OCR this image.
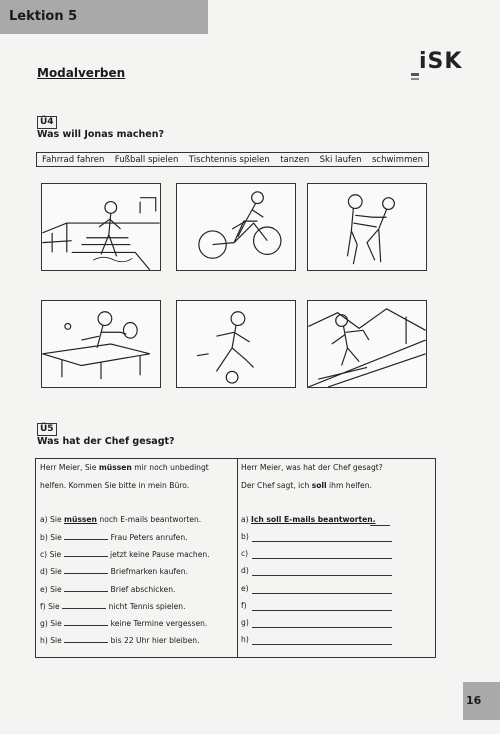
Lektion 5
Modalverben	iSK
Ü4
Was will Jonas machen?
Fahrrad fahren Fußball spielen Tischtennis spielen tanzen Ski laufen schwimmen
Ü5
Was hat der Chef gesagt?
Herr Meier, Sie müssen mir noch unbedingt
helfen. Kommen Sie bitte in mein Büro.
Herr Meier, was hat der Chef gesagt?
Der Chef sagt, ich soll ihm helfen.
a) Sie müssen noch E-mails beantworten.	a) Ich soll E-mails beantworten.
b) Sie	Frau Peters anrufen.	b)
c) Sie	jetzt keine Pause machen.	c)
d) Sie	Briefmarken kaufen.	d)
e) Sie	Brief abschicken.	e)
f) Sie	nicht Tennis spielen.	f)
g) Sie	keine Termine vergessen.	g)
h) Sie	bis 22 Uhr hier bleiben.	h)
16
